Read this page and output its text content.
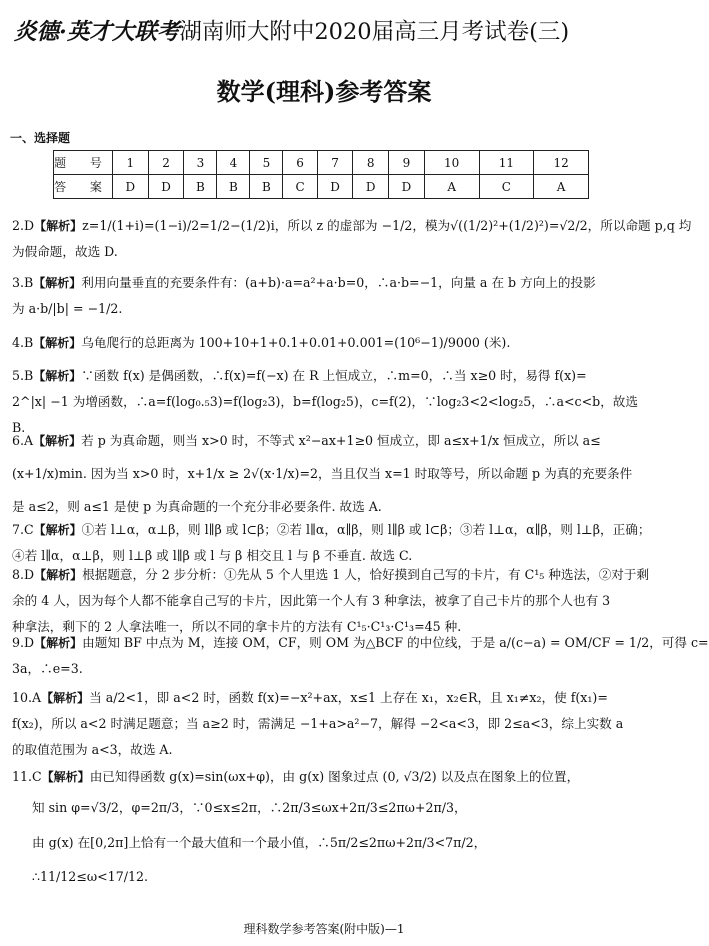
炎德·英才大联考湖南师大附中2020届高三月考试卷(三)
数学(理科)参考答案
一、选择题
题 号	1	2	3	4	5	6	7	8	9	10	11	12
答 案	D	D	B	B	B	C	D	D	D	A	C	A
2.D【解析】z=1/(1+i)=(1−i)/2=1/2−(1/2)i，所以 z 的虚部为 −1/2，模为√((1/2)²+(1/2)²)=√2/2，所以命题 p,q 均
为假命题，故选 D.
3.B【解析】利用向量垂直的充要条件有：(a+b)·a=a²+a·b=0，∴a·b=−1，向量 a 在 b 方向上的投影
为 a·b/|b| = −1/2.
4.B【解析】乌龟爬行的总距离为 100+10+1+0.1+0.01+0.001=(10⁶−1)/9000 (米).
5.B【解析】∵函数 f(x) 是偶函数，∴f(x)=f(−x) 在 R 上恒成立，∴m=0，∴当 x≥0 时，易得 f(x)=
2^|x| −1 为增函数，∴a=f(log₀.₅3)=f(log₂3)，b=f(log₂5)，c=f(2)，∵log₂3<2<log₂5，∴a<c<b，故选
B.
6.A【解析】若 p 为真命题，则当 x>0 时，不等式 x²−ax+1≥0 恒成立，即 a≤x+1/x 恒成立，所以 a≤
(x+1/x)min. 因为当 x>0 时，x+1/x ≥ 2√(x·1/x)=2，当且仅当 x=1 时取等号，所以命题 p 为真的充要条件
是 a≤2，则 a≤1 是使 p 为真命题的一个充分非必要条件. 故选 A.
7.C【解析】①若 l⊥α，α⊥β，则 l∥β 或 l⊂β；②若 l∥α，α∥β，则 l∥β 或 l⊂β；③若 l⊥α，α∥β，则 l⊥β，正确；
④若 l∥α，α⊥β，则 l⊥β 或 l∥β 或 l 与 β 相交且 l 与 β 不垂直. 故选 C.
8.D【解析】根据题意，分 2 步分析：①先从 5 个人里选 1 人，恰好摸到自己写的卡片，有 C¹₅ 种选法，②对于剩
余的 4 人，因为每个人都不能拿自己写的卡片，因此第一个人有 3 种拿法，被拿了自己卡片的那个人也有 3
种拿法，剩下的 2 人拿法唯一，所以不同的拿卡片的方法有 C¹₅·C¹₃·C¹₃=45 种.
9.D【解析】由题知 BF 中点为 M，连接 OM，CF，则 OM 为△BCF 的中位线，于是 a/(c−a) = OM/CF = 1/2，可得 c=
3a，∴e=3.
10.A【解析】当 a/2<1，即 a<2 时，函数 f(x)=−x²+ax，x≤1 上存在 x₁，x₂∈R，且 x₁≠x₂，使 f(x₁)=
f(x₂)，所以 a<2 时满足题意；当 a≥2 时，需满足 −1+a>a²−7，解得 −2<a<3，即 2≤a<3，综上实数 a
的取值范围为 a<3，故选 A.
11.C【解析】由已知得函数 g(x)=sin(ωx+φ)，由 g(x) 图象过点 (0, √3/2) 以及点在图象上的位置，
知 sin φ=√3/2，φ=2π/3，∵0≤x≤2π，∴2π/3≤ωx+2π/3≤2πω+2π/3，
由 g(x) 在[0,2π]上恰有一个最大值和一个最小值，∴5π/2≤2πω+2π/3<7π/2，
∴11/12≤ω<17/12.
理科数学参考答案(附中版)—1
